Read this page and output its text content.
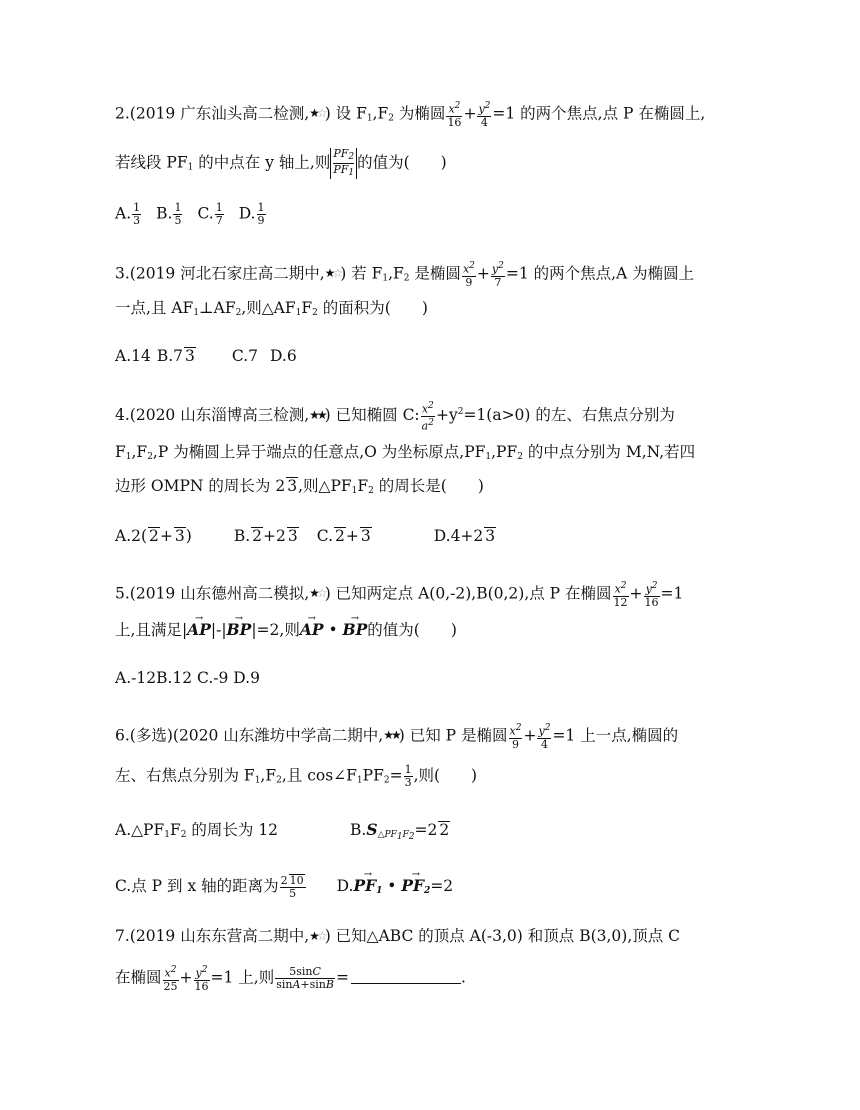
2.(2019 广东汕头高二检测,★☆) 设 $F_1,F_2$ 为椭圆 $\frac{x^2}{16} + \frac{y^2}{4} =1$ 的两个焦点,点 P 在椭圆上,
若线段 $PF_1$ 的中点在 y 轴上,则 $\frac{PF_2}{PF_1}$ 的值为(　　)
A. $\frac{1}{3} B$. $\frac{1}{5} C$. $\frac{1}{7} D$. $\frac{1}{9}$
3.(2019 河北石家庄高二期中,★☆) 若 $F_1,F_2$ 是椭圆 $\frac{x^2}{9} + \frac{y^2}{7} =1$ 的两个焦点,A 为椭圆上
一点,且 $AF_1\perp AF_2$,则$\triangle AF_1F_2$ 的面积为(　　)
A.14 B.7 3 C.7 D.6
4.(2020 山东淄博高三检测,★★) 已知椭圆 C: $\frac{x^2}{a^2} +y^2=1(a>0)$ 的左、右焦点分别为
$F_1,F_2,P$ 为椭圆上异于端点的任意点,O 为坐标原点$,PF_1,PF_2$ 的中点分别为 M,N,若四
边形 OMPN 的周长为 2 3,则$\triangle PF_1F_2$ 的周长是(　　)
A.2( 2+ 3)	B. 2+2 3 C. 2+ 3	D.4+2 3
5.(2019 山东德州高二模拟,★☆) 已知两定点 A(0,-2),B(0,2),点 P 在椭圆 $\frac{x^2}{12} + \frac{y^2}{16} =1$
上,且满足|→ AP|-|→ BP|=2,则→ AP • → BP的值为(　　)
A.-12B.12 C.-9 D.9
6.(多选)(2020 山东潍坊中学高二期中,★★) 已知 P 是椭圆 $\frac{x^2}{9} + \frac{y^2}{4} =1$ 上一点,椭圆的
左、右焦点分别为 $F_1,F_2$,且 $\cos\angle F_1PF_2= \frac{1}{3}$ ,则(　　)
$A.\triangle PF_1F_2$ 的周长为 12	$B.S_{\triangle PF_1F_2}=2$ 2
C.点 P 到 x 轴的距离为 $\frac{2 10}{5} D.\to PF_1$ • → $PF_2=2$
7.(2019 山东东营高二期中,★☆) 已知△ABC 的顶点 A(-3,0) 和顶点 B(3,0),顶点 C
在椭圆 $\frac{x^2}{25} + \frac{y^2}{16} =1$ 上,则 $\frac{5\sin C}{\sin A+\sin B}$ =	.
